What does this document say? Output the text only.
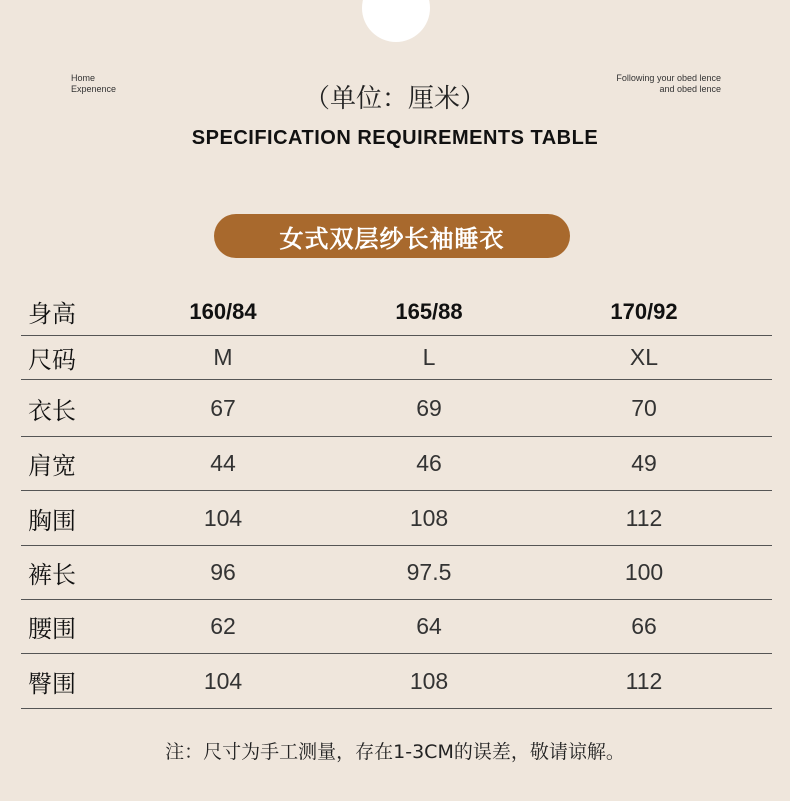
Home
Expenence
Following your obed lence
and obed lence
（单位：厘米）
SPECIFICATION REQUIREMENTS TABLE
女式双层纱长袖睡衣
身高	160/84	165/88	170/92
尺码	M	L	XL
衣长	67	69	70
肩宽	44	46	49
胸围	104	108	112
裤长	96	97.5	100
腰围	62	64	66
臀围	104	108	112
注：尺寸为手工测量，存在1-3CM的误差，敬请谅解。
